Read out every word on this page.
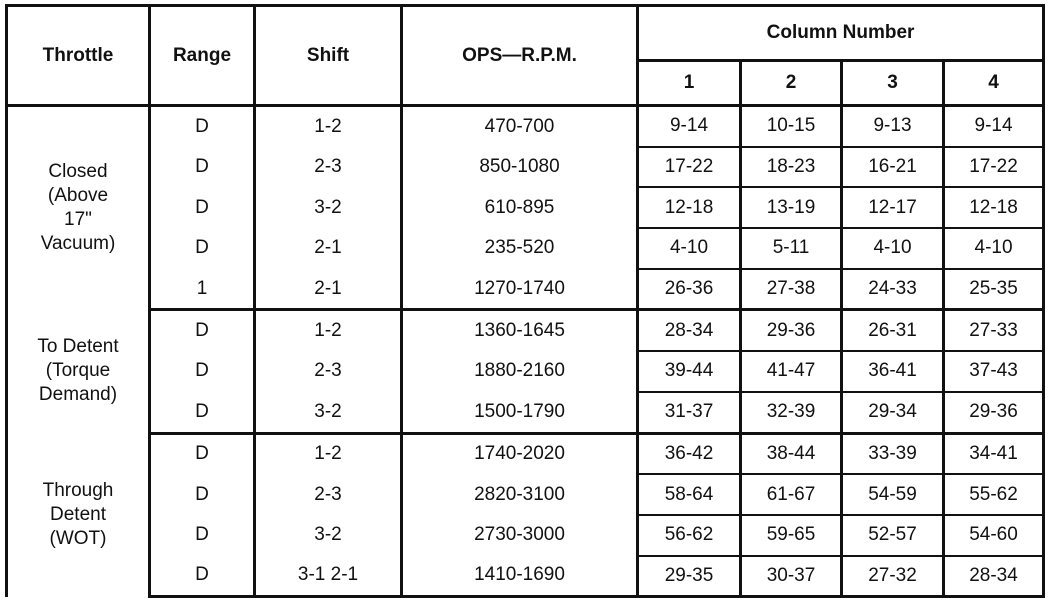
Throttle	Range	Shift	OPS—R.P.M.	Column Number			
				1	2	3	4

Closed
(Above
17"
Vacuum)	D	1-2	470-700	9-14	10-15	9-13	9-14
	D	2-3	850-1080	17-22	18-23	16-21	17-22
	D	3-2	610-895	12-18	13-19	12-17	12-18
	D	2-1	235-520	4-10	5-11	4-10	4-10
	1	2-1	1270-1740	26-36	27-38	24-33	25-35

To Detent
(Torque
Demand)	D	1-2	1360-1645	28-34	29-36	26-31	27-33
	D	2-3	1880-2160	39-44	41-47	36-41	37-43
	D	3-2	1500-1790	31-37	32-39	29-34	29-36

Through
Detent
(WOT)	D	1-2	1740-2020	36-42	38-44	33-39	34-41
	D	2-3	2820-3100	58-64	61-67	54-59	55-62
	D	3-2	2730-3000	56-62	59-65	52-57	54-60
	D	3-1 2-1	1410-1690	29-35	30-37	27-32	28-34
